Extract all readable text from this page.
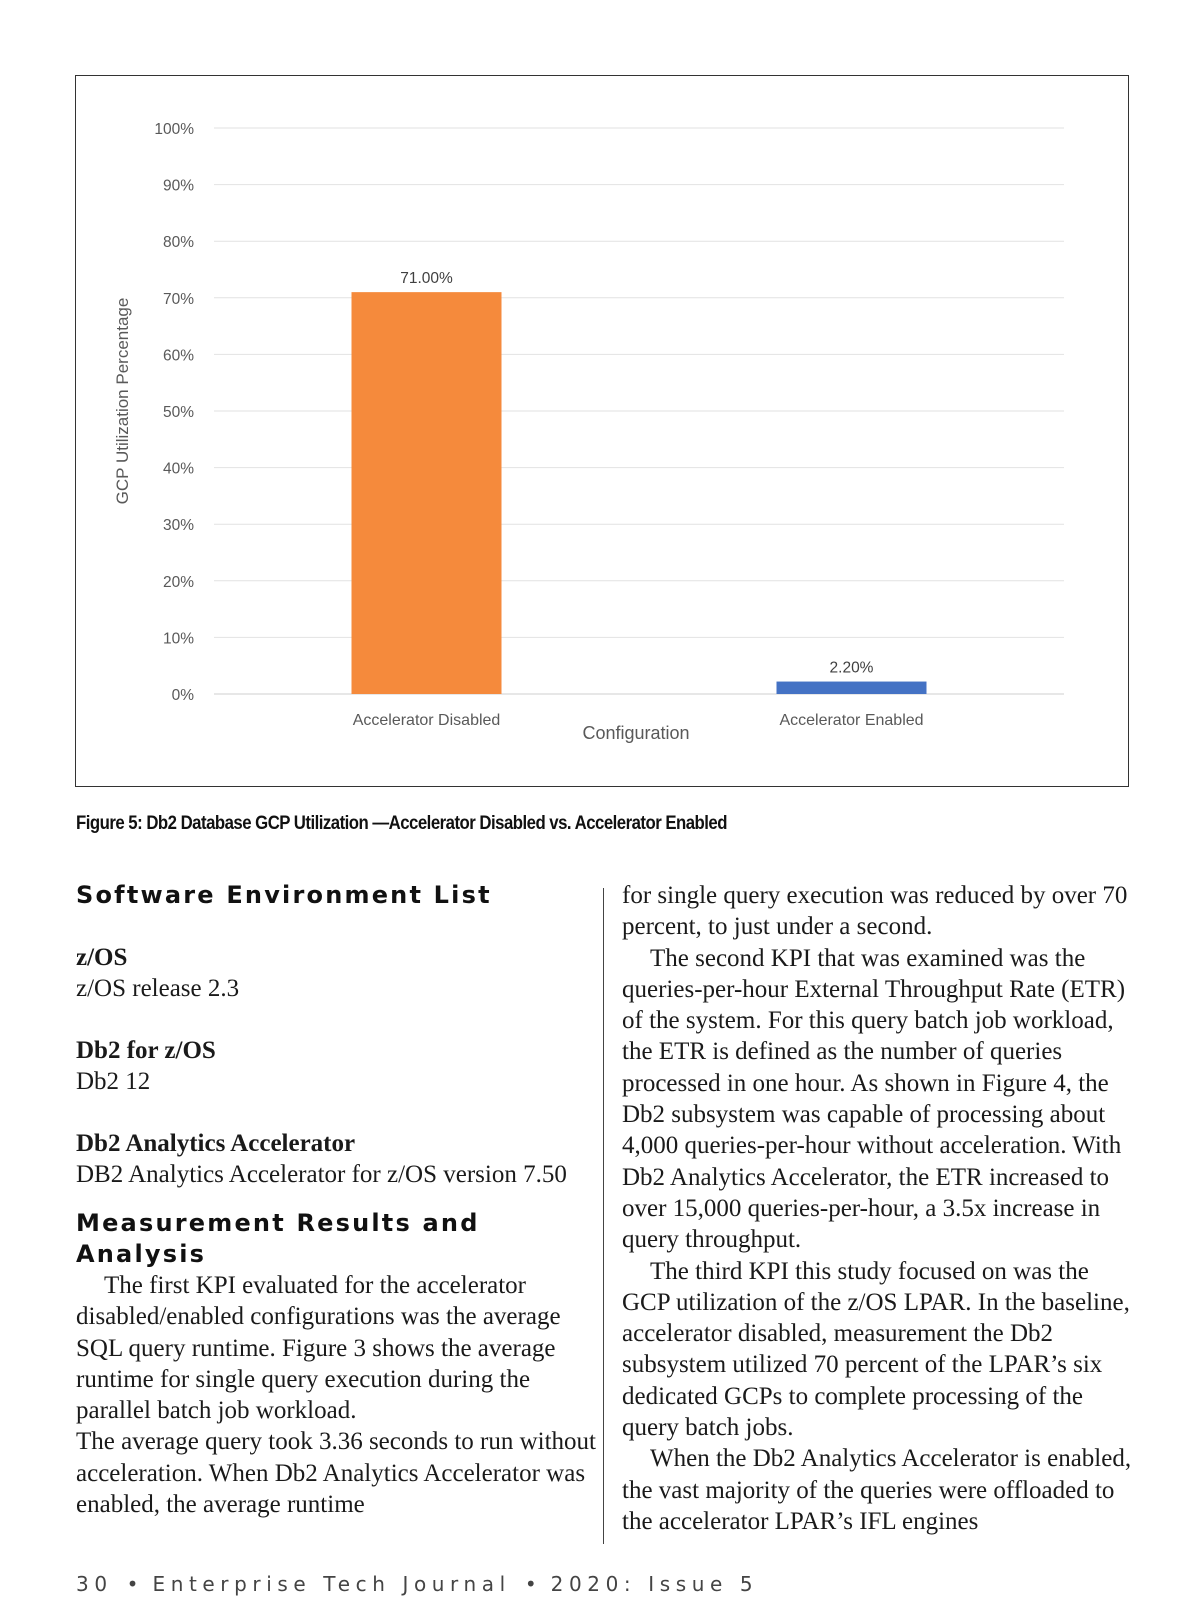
0%
10%
20%
30%
40%
50%
60%
70%
80%
90%
100%
71.00%
Accelerator Disabled
2.20%
Accelerator Enabled
Configuration
GCP Utilization Percentage
Figure 5: Db2 Database GCP Utilization —Accelerator Disabled vs. Accelerator Enabled
Software Environment List
z/OS
z/OS release 2.3
Db2 for z/OS
Db2 12
Db2 Analytics Accelerator
DB2 Analytics Accelerator for z/OS version 7.50
Measurement Results and
Analysis

The first KPI evaluated for the accelerator disabled/enabled configurations was the average SQL query runtime. Figure 3 shows the average runtime for single query execution during the parallel batch job workload.

The average query took 3.36 seconds to run without acceleration. When Db2 Analytics Accelerator was enabled, the average runtime

for single query execution was reduced by over 70 percent, to just under a second.

The second KPI that was examined was the queries-per-hour External Throughput Rate (ETR) of the system. For this query batch job workload, the ETR is defined as the number of queries processed in one hour. As shown in Figure 4, the Db2 subsystem was capable of processing about 4,000 queries-per-hour without acceleration. With Db2 Analytics Accelerator, the ETR increased to over 15,000 queries-per-hour, a 3.5x increase in query throughput.

The third KPI this study focused on was the GCP utilization of the z/OS LPAR. In the baseline, accelerator disabled, measurement the Db2 subsystem utilized 70 percent of the LPAR’s six dedicated GCPs to complete processing of the query batch jobs.

When the Db2 Analytics Accelerator is enabled, the vast majority of the queries were offloaded to the accelerator LPAR’s IFL engines

30 • Enterprise Tech Journal • 2020: Issue 5
